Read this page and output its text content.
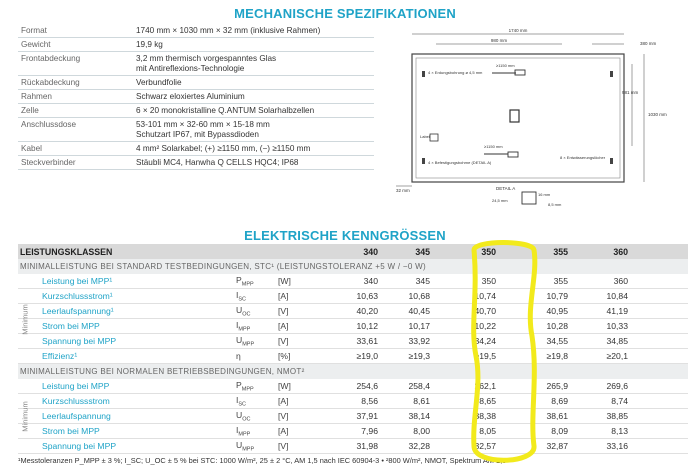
MECHANISCHE SPEZIFIKATIONEN
Format	1740 mm × 1030 mm × 32 mm (inklusive Rahmen)
Gewicht	19,9 kg
Frontabdeckung	3,2 mm thermisch vorgespanntes Glas
mit Antireflexions-Technologie
Rückabdeckung	Verbundfolie
Rahmen	Schwarz eloxiertes Aluminium
Zelle	6 × 20 monokristalline Q.ANTUM Solarhalbzellen
Anschlussdose	53-101 mm × 32-60 mm × 15-18 mm
Schutzart IP67, mit Bypassdioden
Kabel	4 mm² Solarkabel; (+) ≥1150 mm, (−) ≥1150 mm
Steckverbinder	Stäubli MC4, Hanwha Q CELLS HQC4; IP68
1740 mm
980 mm
380 mm
1030 mm
981 mm
≥1150 mm
≥1150 mm
4 × Erdungsbohrung ø 4,5 mm
4 × Befestigungsbohrne (DETAIL A)
8 × Entwässerungslöcher
Label
32 mm	DETAIL A
16 mm
24,5 mm
8,5 mm
ELEKTRISCHE KENNGRÖSSEN
LEISTUNGSKLASSEN	340	345	350	355	360
MINIMALLEISTUNG BEI STANDARD TESTBEDINGUNGEN, STC¹ (LEISTUNGSTOLERANZ +5 W / −0 W)
Leistung bei MPP¹	$P_{MPP}$	[W]	340	345	350	355	360
Kurzschlussstrom¹	$I_{SC}$	[A]	10,63	10,68	10,74	10,79	10,84
Leerlaufspannung¹	$U_{OC}$	[V]	40,20	40,45	40,70	40,95	41,19
Strom bei MPP	$I_{MPP}$	[A]	10,12	10,17	10,22	10,28	10,33
Spannung bei MPP	$U_{MPP}$	[V]	33,61	33,92	34,24	34,55	34,85
Effizienz¹	η	[%]	≥19,0	≥19,3	≥19,5	≥19,8	≥20,1
Minimum
MINIMALLEISTUNG BEI NORMALEN BETRIEBSBEDINGUNGEN, NMOT²
Leistung bei MPP	$P_{MPP}$	[W]	254,6	258,4	262,1	265,9	269,6
Kurzschlussstrom	$I_{SC}$	[A]	8,56	8,61	8,65	8,69	8,74
Leerlaufspannung	$U_{OC}$	[V]	37,91	38,14	38,38	38,61	38,85
Strom bei MPP	$I_{MPP}$	[A]	7,96	8,00	8,05	8,09	8,13
Spannung bei MPP	$U_{MPP}$	[V]	31,98	32,28	32,57	32,87	33,16
Minimum
¹Messtoleranzen P_MPP ± 3 %; I_SC; U_OC ± 5 % bei STC: 1000 W/m², 25 ± 2 °C, AM 1,5 nach IEC 60904-3 • ²800 W/m², NMOT, Spektrum AM 1,5
